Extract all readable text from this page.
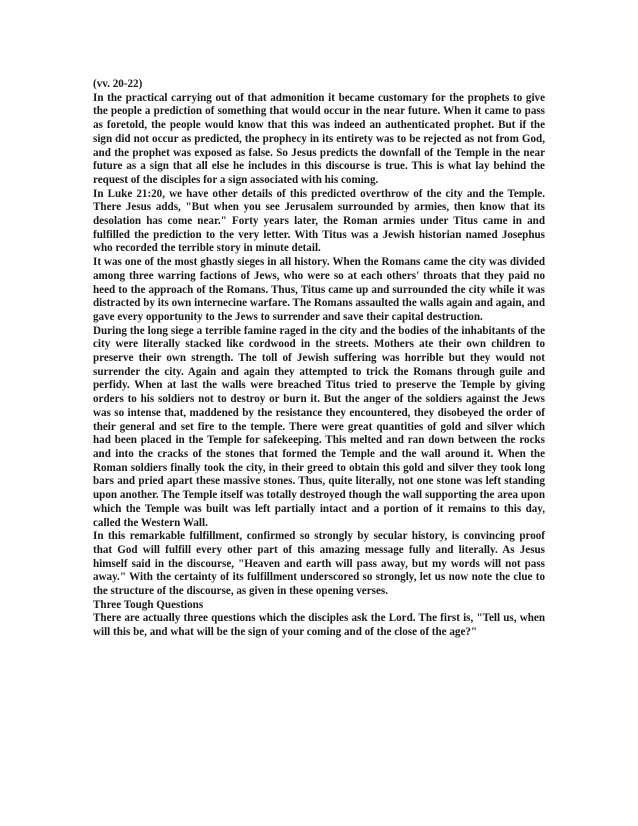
(vv. 20-22)

In the practical carrying out of that admonition it became customary for the prophets to give the people a prediction of something that would occur in the near future. When it came to pass as foretold, the people would know that this was indeed an authenticated prophet. But if the sign did not occur as predicted, the prophecy in its entirety was to be rejected as not from God, and the prophet was exposed as false. So Jesus predicts the downfall of the Temple in the near future as a sign that all else he includes in this discourse is true. This is what lay behind the request of the disciples for a sign associated with his coming.

In Luke 21:20, we have other details of this predicted overthrow of the city and the Temple. There Jesus adds, "But when you see Jerusalem surrounded by armies, then know that its desolation has come near." Forty years later, the Roman armies under Titus came in and fulfilled the prediction to the very letter. With Titus was a Jewish historian named Josephus who recorded the terrible story in minute detail.

It was one of the most ghastly sieges in all history. When the Romans came the city was divided among three warring factions of Jews, who were so at each others' throats that they paid no heed to the approach of the Romans. Thus, Titus came up and surrounded the city while it was distracted by its own internecine warfare. The Romans assaulted the walls again and again, and gave every opportunity to the Jews to surrender and save their capital destruction.

During the long siege a terrible famine raged in the city and the bodies of the inhabitants of the city were literally stacked like cordwood in the streets. Mothers ate their own children to preserve their own strength. The toll of Jewish suffering was horrible but they would not surrender the city. Again and again they attempted to trick the Romans through guile and perfidy. When at last the walls were breached Titus tried to preserve the Temple by giving orders to his soldiers not to destroy or burn it. But the anger of the soldiers against the Jews was so intense that, maddened by the resistance they encountered, they disobeyed the order of their general and set fire to the temple. There were great quantities of gold and silver which had been placed in the Temple for safekeeping. This melted and ran down between the rocks and into the cracks of the stones that formed the Temple and the wall around it. When the Roman soldiers finally took the city, in their greed to obtain this gold and silver they took long bars and pried apart these massive stones. Thus, quite literally, not one stone was left standing upon another. The Temple itself was totally destroyed though the wall supporting the area upon which the Temple was built was left partially intact and a portion of it remains to this day, called the Western Wall.

In this remarkable fulfillment, confirmed so strongly by secular history, is convincing proof that God will fulfill every other part of this amazing message fully and literally. As Jesus himself said in the discourse, "Heaven and earth will pass away, but my words will not pass away." With the certainty of its fulfillment underscored so strongly, let us now note the clue to the structure of the discourse, as given in these opening verses.

Three Tough Questions

There are actually three questions which the disciples ask the Lord. The first is, "Tell us, when will this be, and what will be the sign of your coming and of the close of the age?"
